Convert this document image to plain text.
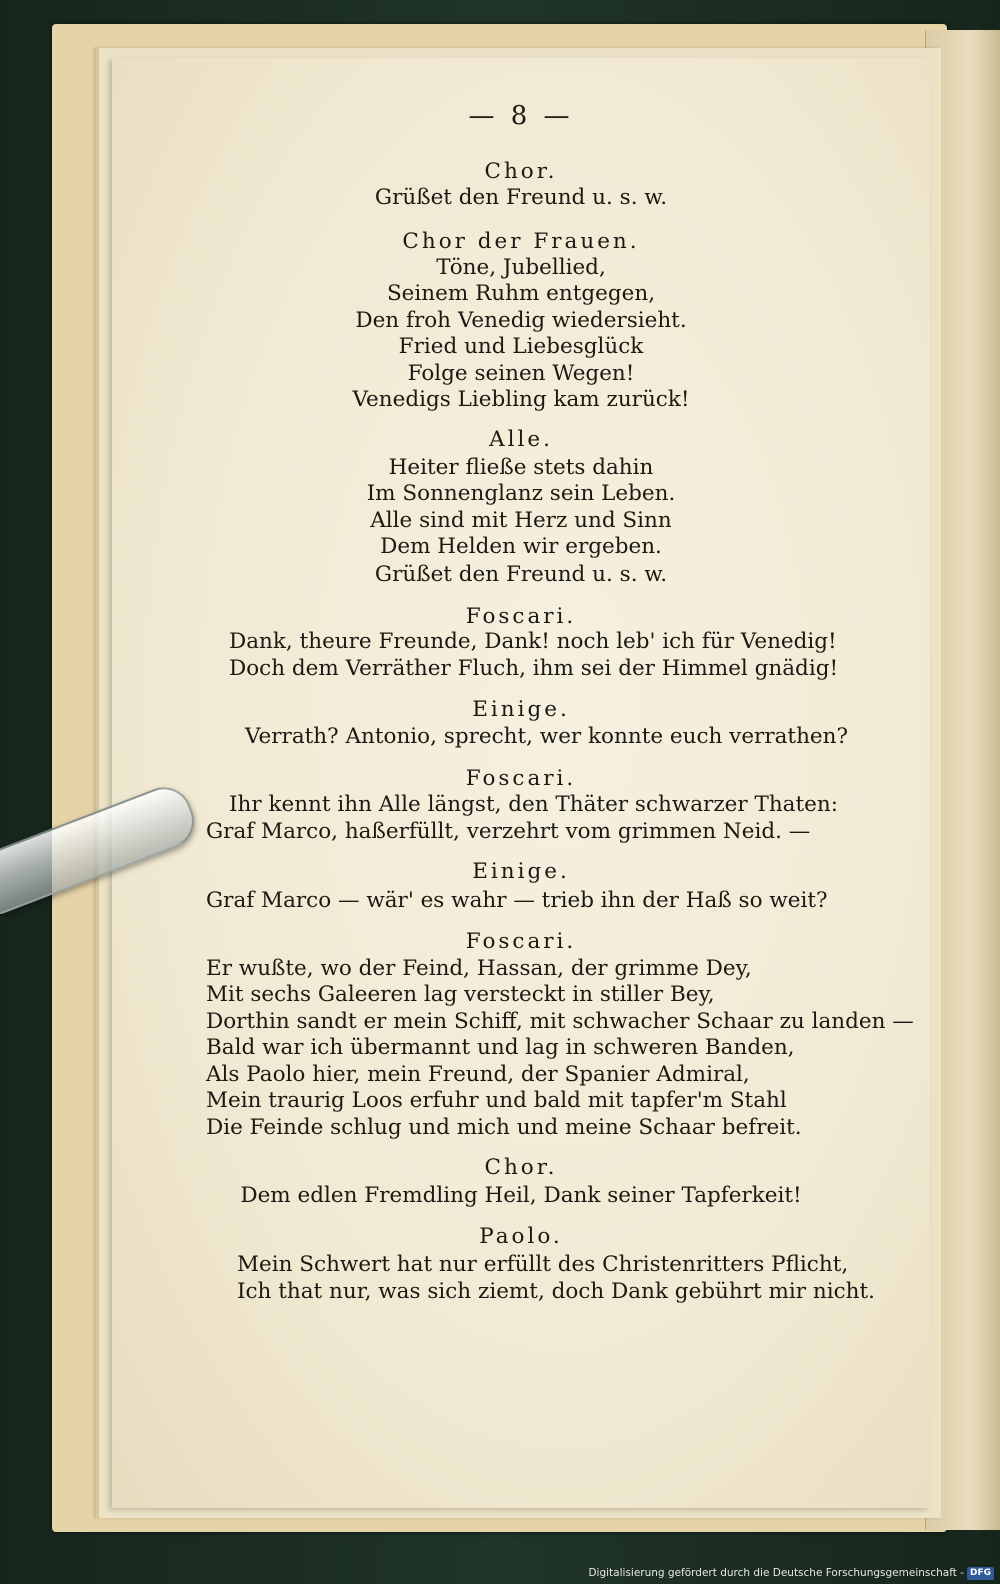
— 8 —
Chor.
Grüßet den Freund u. s. w.
Chor der Frauen.
Töne, Jubellied,
Seinem Ruhm entgegen,
Den froh Venedig wiedersieht.
Fried und Liebesglück
Folge seinen Wegen!
Venedigs Liebling kam zurück!
Alle.
Heiter fließe stets dahin
Im Sonnenglanz sein Leben.
Alle sind mit Herz und Sinn
Dem Helden wir ergeben.
Grüßet den Freund u. s. w.
Foscari.
Dank, theure Freunde, Dank! noch leb' ich für Venedig!
Doch dem Verräther Fluch, ihm sei der Himmel gnädig!
Einige.
Verrath? Antonio, sprecht, wer konnte euch verrathen?
Foscari.
Ihr kennt ihn Alle längst, den Thäter schwarzer Thaten:
Graf Marco, haßerfüllt, verzehrt vom grimmen Neid. —
Einige.
Graf Marco — wär' es wahr — trieb ihn der Haß so weit?
Foscari.
Er wußte, wo der Feind, Hassan, der grimme Dey,
Mit sechs Galeeren lag versteckt in stiller Bey,
Dorthin sandt er mein Schiff, mit schwacher Schaar zu landen —
Bald war ich übermannt und lag in schweren Banden,
Als Paolo hier, mein Freund, der Spanier Admiral,
Mein traurig Loos erfuhr und bald mit tapfer'm Stahl
Die Feinde schlug und mich und meine Schaar befreit.
Chor.
Dem edlen Fremdling Heil, Dank seiner Tapferkeit!
Paolo.
Mein Schwert hat nur erfüllt des Christenritters Pflicht,
Ich that nur, was sich ziemt, doch Dank gebührt mir nicht.
Digitalisierung gefördert durch die Deutsche Forschungsgemeinschaft - DFG
